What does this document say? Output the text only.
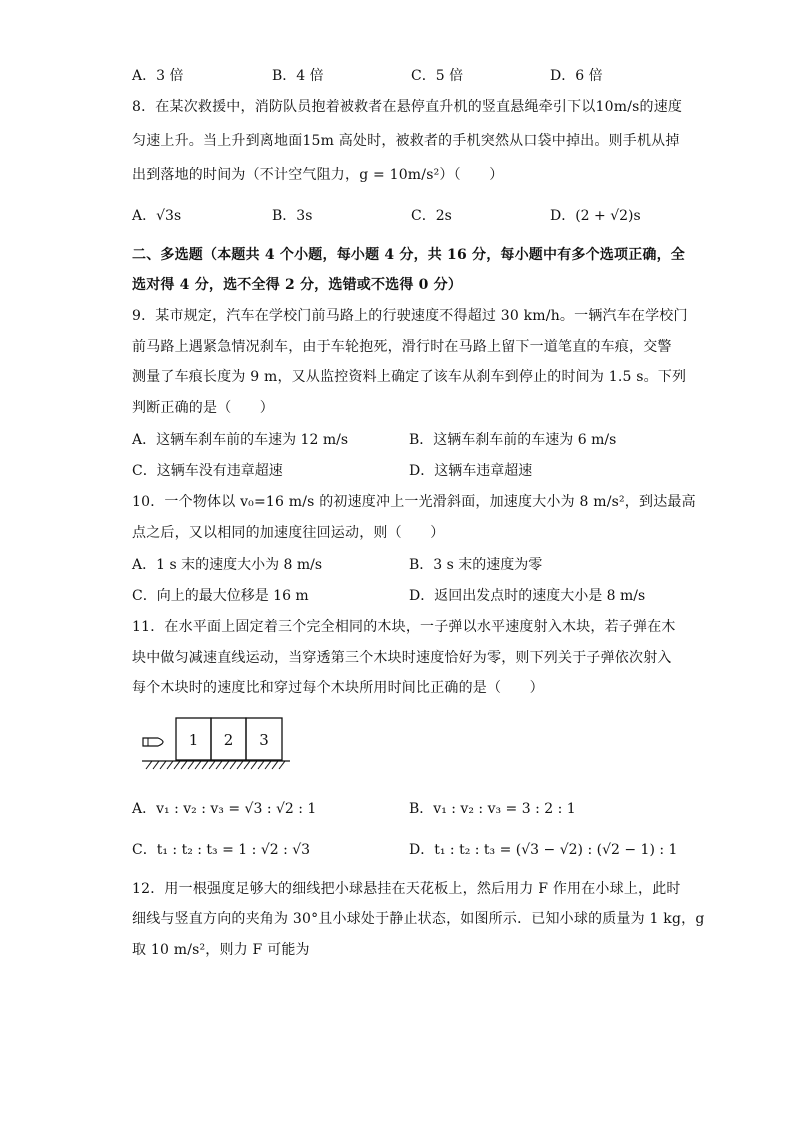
A．3 倍	B．4 倍	C．5 倍	D．6 倍
8．在某次救援中，消防队员抱着被救者在悬停直升机的竖直悬绳牵引下以10m/s的速度
匀速上升。当上升到离地面15m 高处时，被救者的手机突然从口袋中掉出。则手机从掉
出到落地的时间为（不计空气阻力，g = 10m/s²）（　　）
A．√3s	B．3s	C．2s	D．(2 + √2)s
二、多选题（本题共 4 个小题，每小题 4 分，共 16 分，每小题中有多个选项正确，全
选对得 4 分，选不全得 2 分，选错或不选得 0 分）
9．某市规定，汽车在学校门前马路上的行驶速度不得超过 30 km/h。一辆汽车在学校门
前马路上遇紧急情况刹车，由于车轮抱死，滑行时在马路上留下一道笔直的车痕，交警
测量了车痕长度为 9 m，又从监控资料上确定了该车从刹车到停止的时间为 1.5 s。下列
判断正确的是（　　）
A．这辆车刹车前的车速为 12 m/s	B．这辆车刹车前的车速为 6 m/s
C．这辆车没有违章超速	D．这辆车违章超速
10．一个物体以 v₀=16 m/s 的初速度冲上一光滑斜面，加速度大小为 8 m/s²，到达最高
点之后，又以相同的加速度往回运动，则（　　）
A．1 s 末的速度大小为 8 m/s	B．3 s 末的速度为零
C．向上的最大位移是 16 m	D．返回出发点时的速度大小是 8 m/s
11．在水平面上固定着三个完全相同的木块，一子弹以水平速度射入木块，若子弹在木
块中做匀减速直线运动，当穿透第三个木块时速度恰好为零，则下列关于子弹依次射入
每个木块时的速度比和穿过每个木块所用时间比正确的是（　　）
1 2 3
A．v₁ : v₂ : v₃ = √3 : √2 : 1	B．v₁ : v₂ : v₃ = 3 : 2 : 1
C．t₁ : t₂ : t₃ = 1 : √2 : √3	D．t₁ : t₂ : t₃ = (√3 − √2) : (√2 − 1) : 1
12．用一根强度足够大的细线把小球悬挂在天花板上，然后用力 F 作用在小球上，此时
细线与竖直方向的夹角为 30°且小球处于静止状态，如图所示．已知小球的质量为 1 kg，g
取 10 m/s²，则力 F 可能为
